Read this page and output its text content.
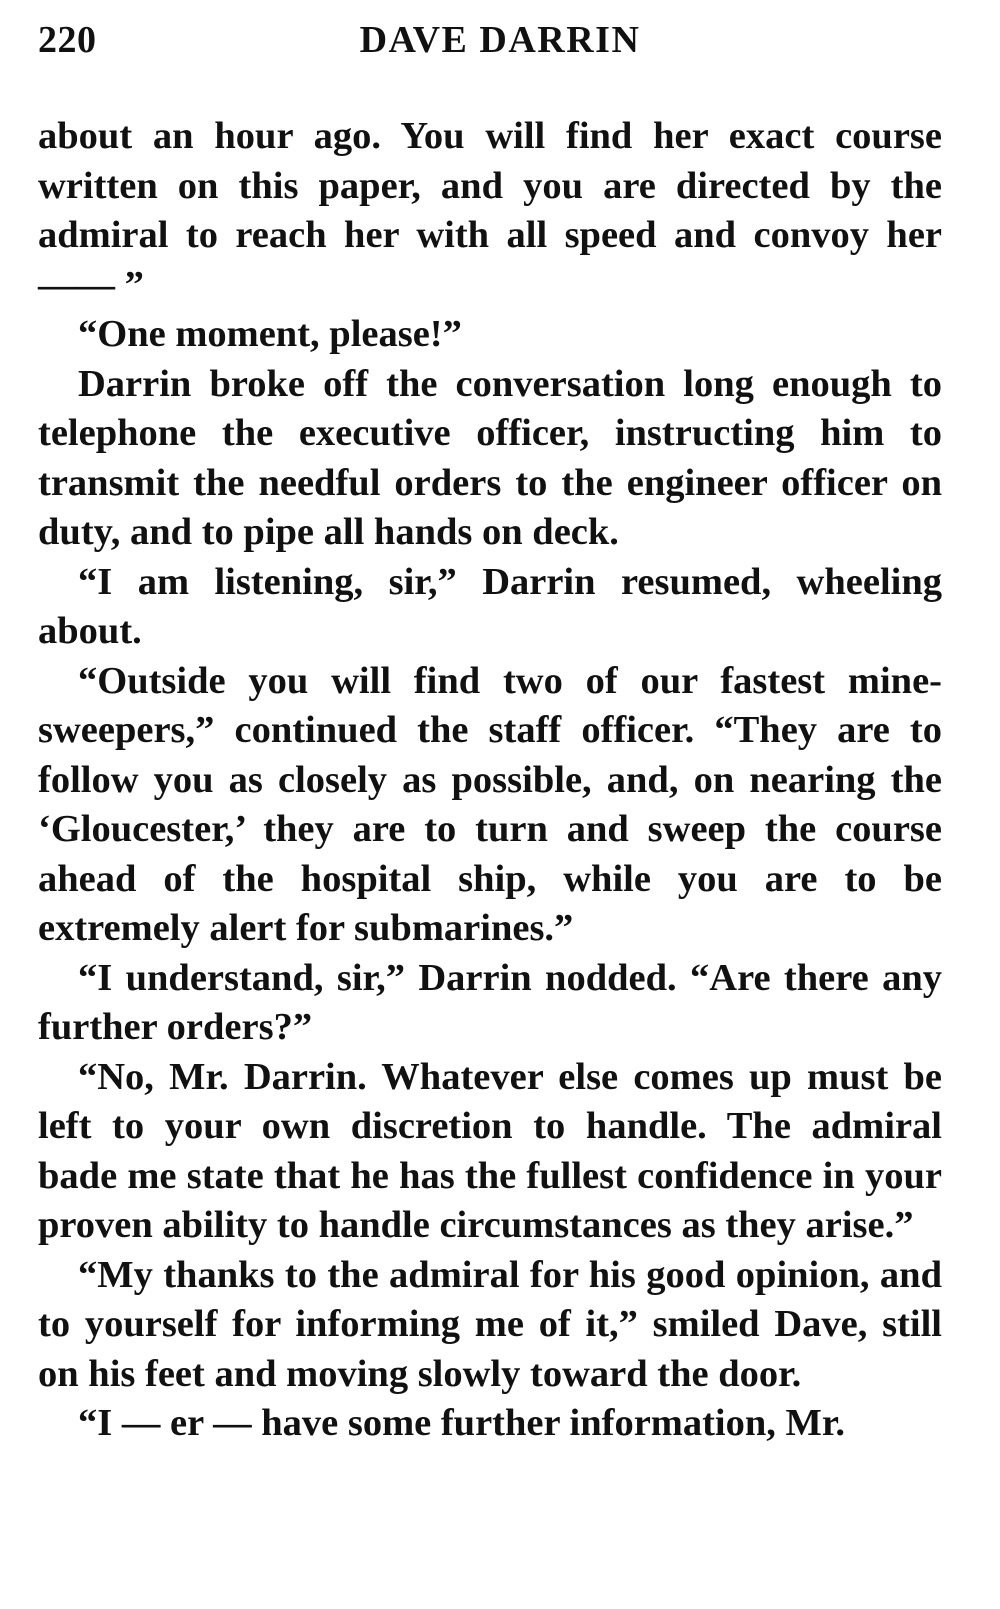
220	DAVE DARRIN

about an hour ago. You will find her exact course written on this paper, and you are directed by the admiral to reach her with all speed and convoy her —— ”

“One moment, please!”

Darrin broke off the conversation long enough to telephone the executive officer, instructing him to transmit the needful orders to the engineer officer on duty, and to pipe all hands on deck.

“I am listening, sir,” Darrin resumed, wheeling about.

“Outside you will find two of our fastest mine-sweepers,” continued the staff officer. “They are to follow you as closely as possible, and, on nearing the ‘Gloucester,’ they are to turn and sweep the course ahead of the hospital ship, while you are to be extremely alert for submarines.”

“I understand, sir,” Darrin nodded. “Are there any further orders?”

“No, Mr. Darrin. Whatever else comes up must be left to your own discretion to handle. The admiral bade me state that he has the fullest confidence in your proven ability to handle circumstances as they arise.”

“My thanks to the admiral for his good opinion, and to yourself for informing me of it,” smiled Dave, still on his feet and moving slowly toward the door.

“I — er — have some further information, Mr.
